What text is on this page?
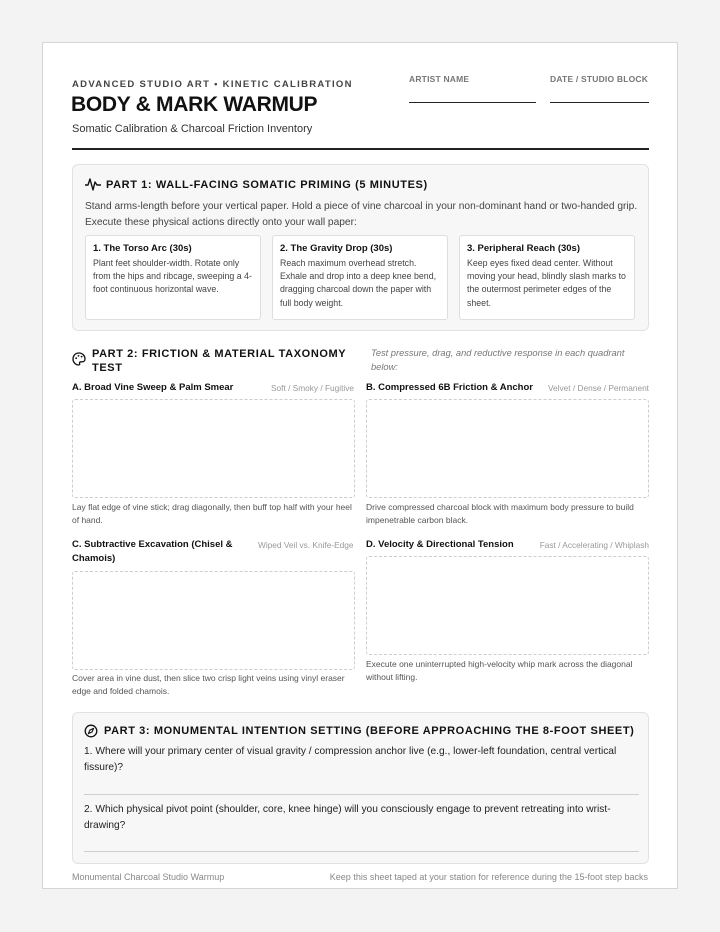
ADVANCED STUDIO ART • KINETIC CALIBRATION
BODY & MARK WARMUP
Somatic Calibration & Charcoal Friction Inventory
ARTIST NAME	DATE / STUDIO BLOCK
PART 1: WALL-FACING SOMATIC PRIMING (5 MINUTES)
Stand arms-length before your vertical paper. Hold a piece of vine charcoal in your non-dominant hand or two-handed grip. Execute these physical actions directly onto your wall paper:
1. The Torso Arc (30s)

Plant feet shoulder-width. Rotate only from the hips and ribcage, sweeping a 4-foot continuous horizontal wave.

2. The Gravity Drop (30s)

Reach maximum overhead stretch. Exhale and drop into a deep knee bend, dragging charcoal down the paper with full body weight.

3. Peripheral Reach (30s)

Keep eyes fixed dead center. Without moving your head, blindly slash marks to the outermost perimeter edges of the sheet.

PART 2: FRICTION & MATERIAL TAXONOMY TEST
Test pressure, drag, and reductive response in each quadrant below:
A. Broad Vine Sweep & Palm Smear	Soft / Smoky / Fugitive
Lay flat edge of vine stick; drag diagonally, then buff top half with your heel of hand.
B. Compressed 6B Friction & Anchor	Velvet / Dense / Permanent
Drive compressed charcoal block with maximum body pressure to build impenetrable carbon black.
C. Subtractive Excavation (Chisel & Chamois)
Wiped Veil vs. Knife-Edge
Cover area in vine dust, then slice two crisp light veins using vinyl eraser edge and folded chamois.
D. Velocity & Directional Tension	Fast / Accelerating / Whiplash
Execute one uninterrupted high-velocity whip mark across the diagonal without lifting.
PART 3: MONUMENTAL INTENTION SETTING (BEFORE APPROACHING THE 8-FOOT SHEET)
1. Where will your primary center of visual gravity / compression anchor live (e.g., lower-left foundation, central vertical fissure)?
2. Which physical pivot point (shoulder, core, knee hinge) will you consciously engage to prevent retreating into wrist-drawing?
Monumental Charcoal Studio Warmup	Keep this sheet taped at your station for reference during the 15-foot step backs
